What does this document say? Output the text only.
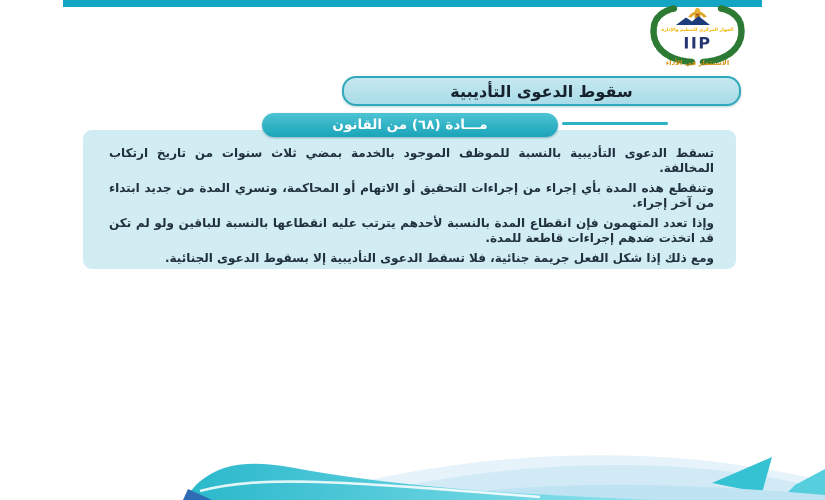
الجهاز المركزي للتنظيم والإدارة
IIP
الاستثمار في الأداء
سقوط الدعوى التأديبية
مـــادة (٦٨) من القانون

تسقط الدعوى التأديبية بالنسبة للموظف الموجود بالخدمة بمضي ثلاث سنوات من تاريخ ارتكاب المخالفة.

وتنقطع هذه المدة بأي إجراء من إجراءات التحقيق أو الاتهام أو المحاكمة، وتسري المدة من جديد ابتداء من آخر إجراء.

وإذا تعدد المتهمون فإن انقطاع المدة بالنسبة لأحدهم يترتب عليه انقطاعها بالنسبة للباقين ولو لم تكن قد اتخذت ضدهم إجراءات قاطعة للمدة.

ومع ذلك إذا شكل الفعل جريمة جنائية، فلا تسقط الدعوى التأديبية إلا بسقوط الدعوى الجنائية.
